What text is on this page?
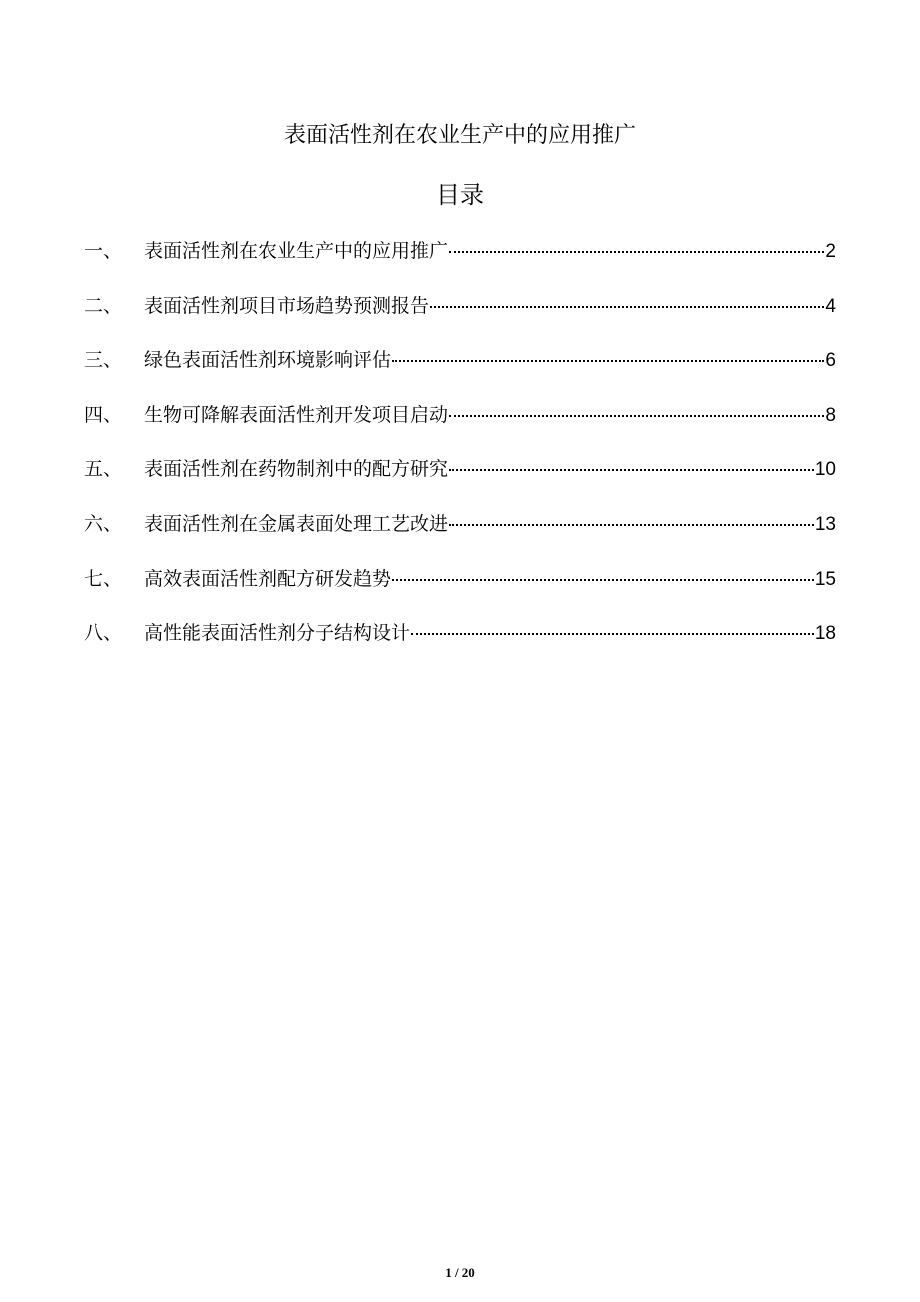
表面活性剂在农业生产中的应用推广
目录
一、	表面活性剂在农业生产中的应用推广	2
二、	表面活性剂项目市场趋势预测报告	4
三、	绿色表面活性剂环境影响评估	6
四、	生物可降解表面活性剂开发项目启动	8
五、	表面活性剂在药物制剂中的配方研究	10
六、	表面活性剂在金属表面处理工艺改进	13
七、	高效表面活性剂配方研发趋势	15
八、	高性能表面活性剂分子结构设计	18
1 / 20
